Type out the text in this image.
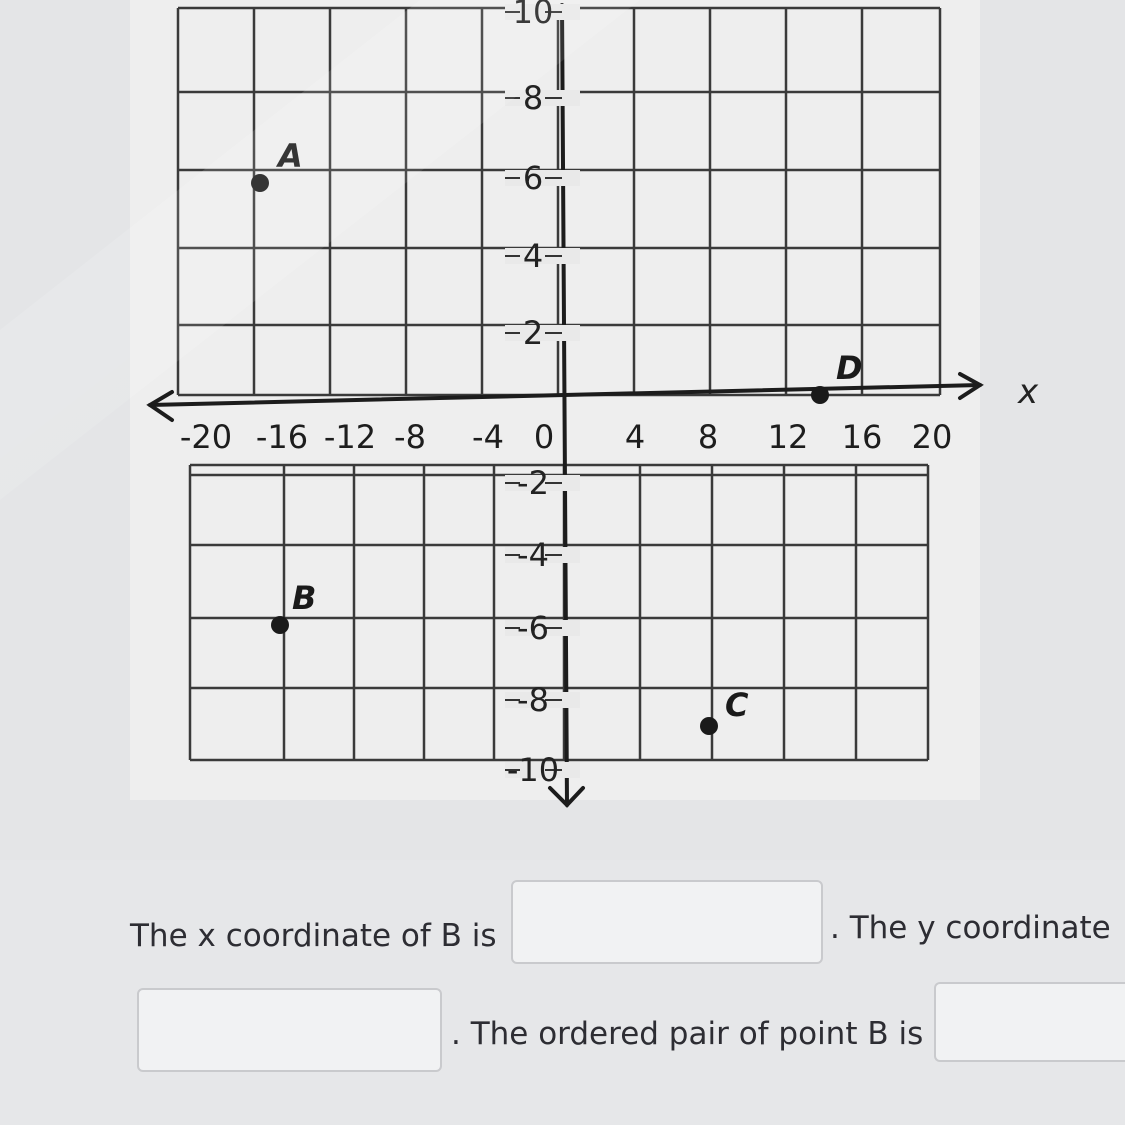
10
8
6
4
2
-2
-4
-6
-8
-10
-20 -16 -12 -8 -4 0 4 8 12 16 20
x
A
B
C
D
The x coordinate of B is	. The y coordinate
. The ordered pair of point B is
